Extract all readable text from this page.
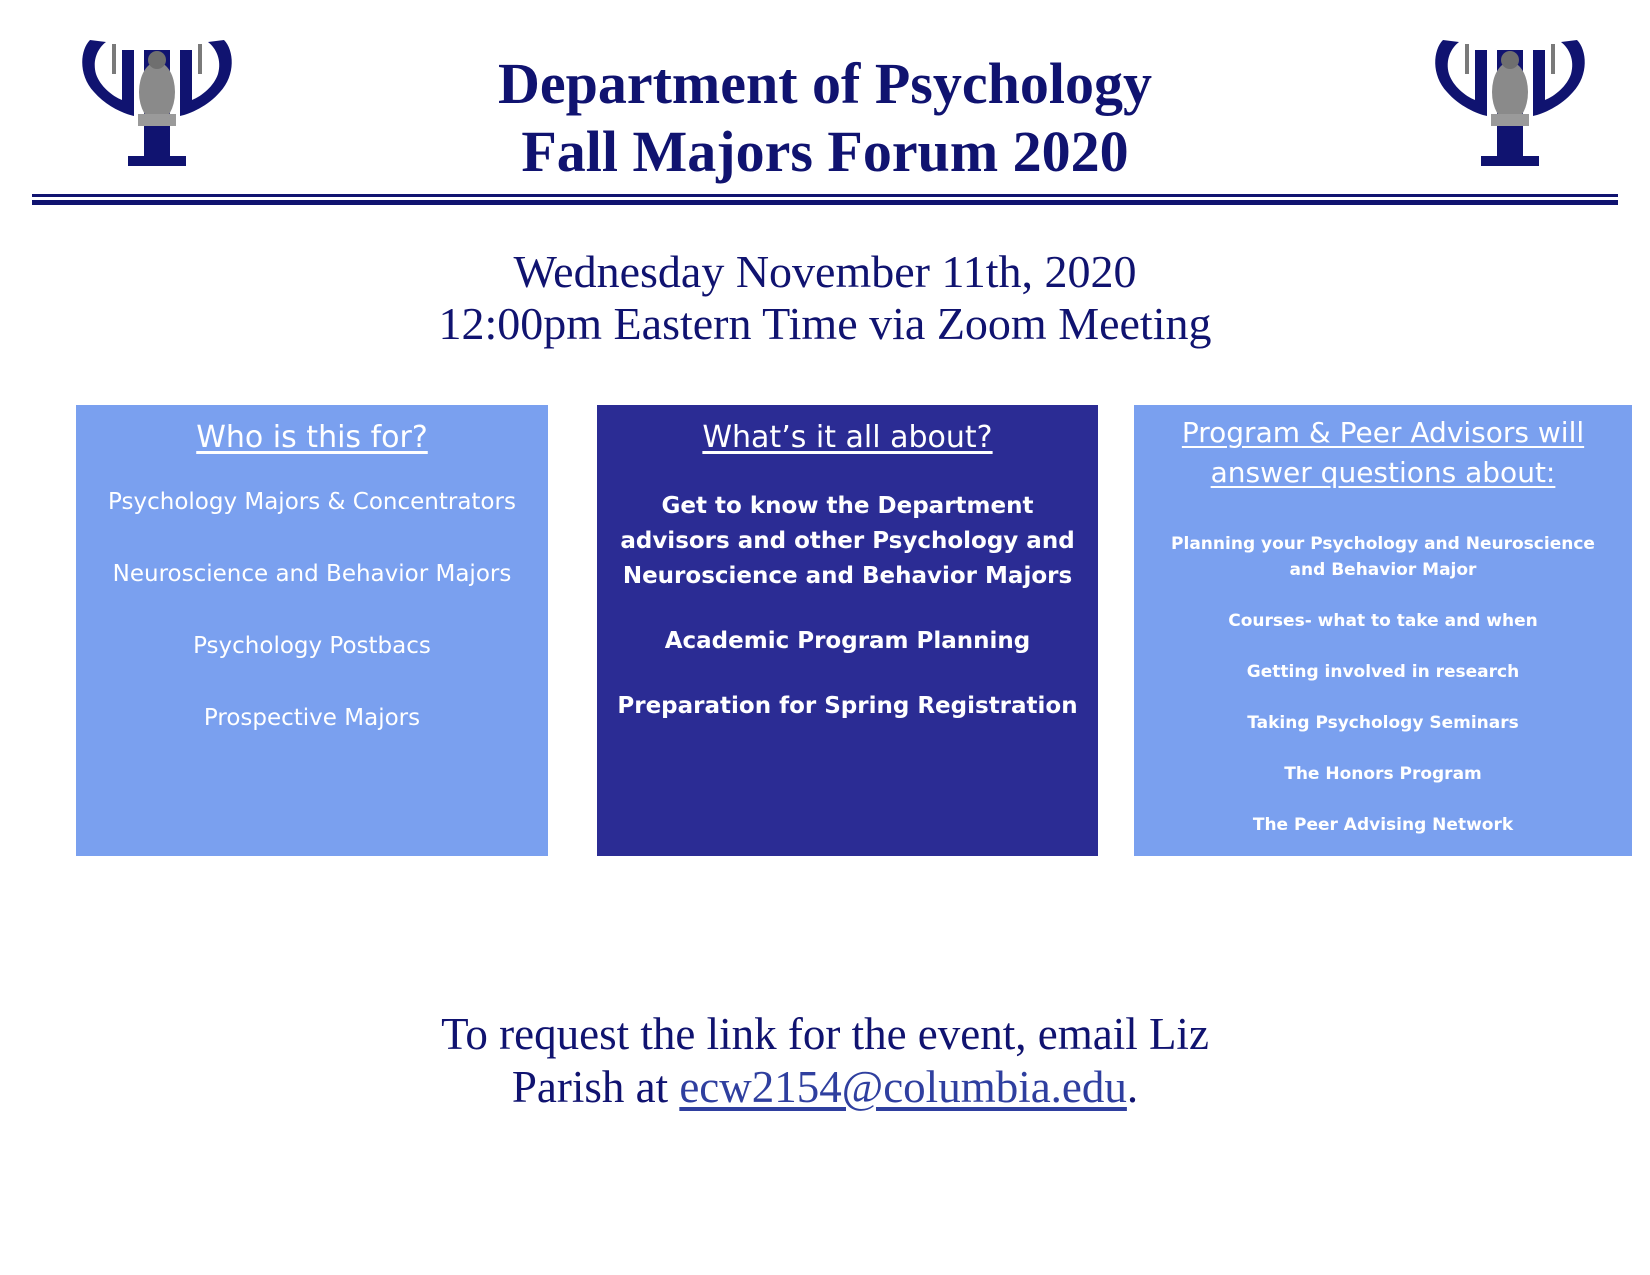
Department of Psychology
Fall Majors Forum 2020
Wednesday November 11th, 2020
12:00pm Eastern Time via Zoom Meeting
Who is this for?
Psychology Majors & Concentrators
Neuroscience and Behavior Majors
Psychology Postbacs
Prospective Majors
What’s it all about?
Get to know the Department advisors and other Psychology and Neuroscience and Behavior Majors
Academic Program Planning
Preparation for Spring Registration
Program & Peer Advisors will answer questions about:
Planning your Psychology and Neuroscience and Behavior Major
Courses- what to take and when
Getting involved in research
Taking Psychology Seminars
The Honors Program
The Peer Advising Network
To request the link for the event, email Liz
Parish at ecw2154@columbia.edu.
